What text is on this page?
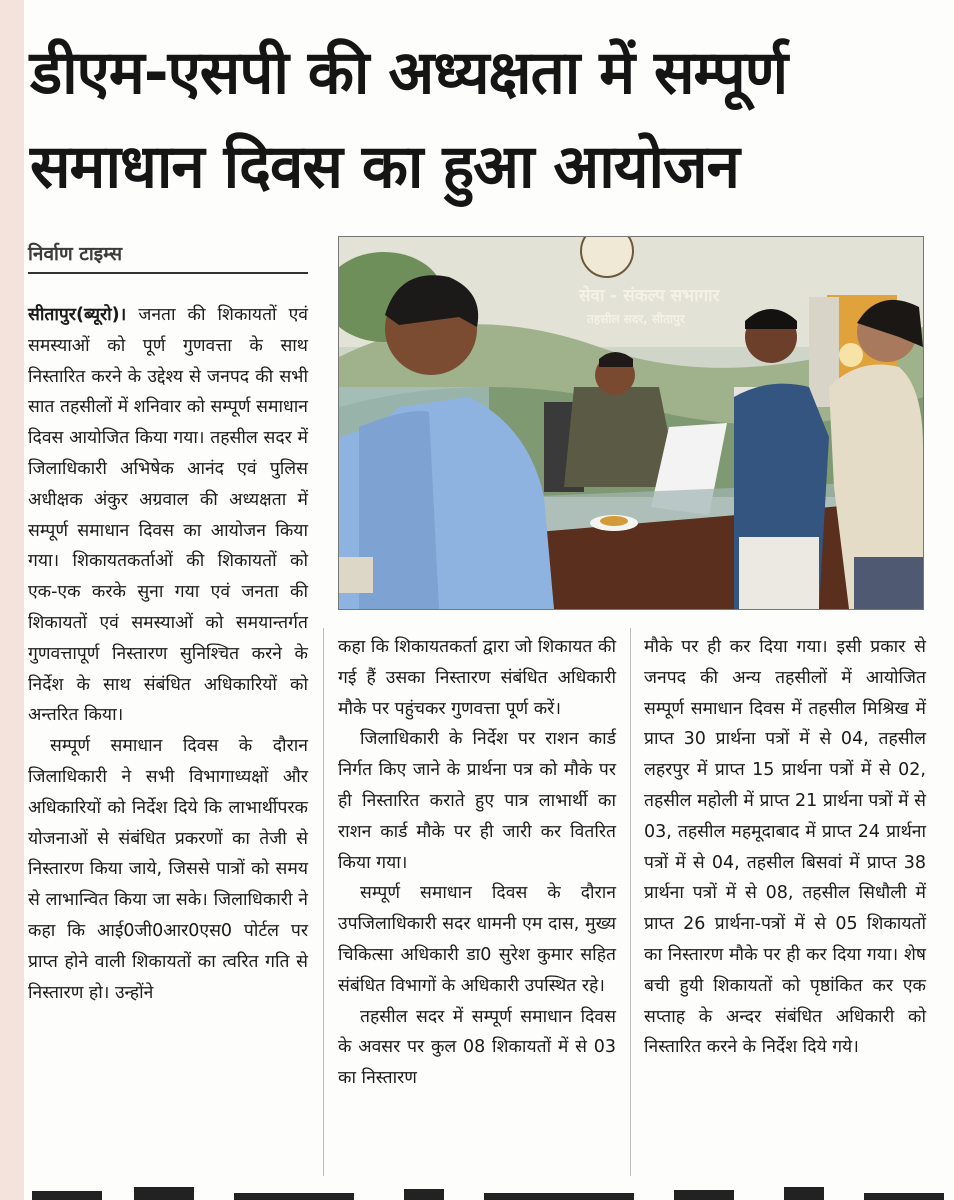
डीएम-एसपी की अध्यक्षता में सम्पूर्ण
समाधान दिवस का हुआ आयोजन
निर्वाण टाइम्स
सेवा - संकल्प सभागार
तहसील सदर, सीतापुर

सीतापुर(ब्यूरो)। जनता की शिकायतों एवं समस्याओं को पूर्ण गुणवत्ता के साथ निस्तारित करने के उद्देश्य से जनपद की सभी सात तहसीलों में शनिवार को सम्पूर्ण समाधान दिवस आयोजित किया गया। तहसील सदर में जिलाधिकारी अभिषेक आनंद एवं पुलिस अधीक्षक अंकुर अग्रवाल की अध्यक्षता में सम्पूर्ण समाधान दिवस का आयोजन किया गया। शिकायतकर्ताओं की शिकायतों को एक-एक करके सुना गया एवं जनता की शिकायतों एवं समस्याओं को समयान्तर्गत गुणवत्तापूर्ण निस्तारण सुनिश्चित करने के निर्देश के साथ संबंधित अधिकारियों को अन्तरित किया।

सम्पूर्ण समाधान दिवस के दौरान जिलाधिकारी ने सभी विभागाध्यक्षों और अधिकारियों को निर्देश दिये कि लाभार्थीपरक योजनाओं से संबंधित प्रकरणों का तेजी से निस्तारण किया जाये, जिससे पात्रों को समय से लाभान्वित किया जा सके। जिलाधिकारी ने कहा कि आई0जी0आर0एस0 पोर्टल पर प्राप्त होने वाली शिकायतों का त्वरित गति से निस्तारण हो। उन्होंने

कहा कि शिकायतकर्ता द्वारा जो शिकायत की गई हैं उसका निस्तारण संबंधित अधिकारी मौके पर पहुंचकर गुणवत्ता पूर्ण करें।

जिलाधिकारी के निर्देश पर राशन कार्ड निर्गत किए जाने के प्रार्थना पत्र को मौके पर ही निस्तारित कराते हुए पात्र लाभार्थी का राशन कार्ड मौके पर ही जारी कर वितरित किया गया।

सम्पूर्ण समाधान दिवस के दौरान उपजिलाधिकारी सदर धामनी एम दास, मुख्य चिकित्सा अधिकारी डा0 सुरेश कुमार सहित संबंधित विभागों के अधिकारी उपस्थित रहे।

तहसील सदर में सम्पूर्ण समाधान दिवस के अवसर पर कुल 08 शिकायतों में से 03 का निस्तारण

मौके पर ही कर दिया गया। इसी प्रकार से जनपद की अन्य तहसीलों में आयोजित सम्पूर्ण समाधान दिवस में तहसील मिश्रिख में प्राप्त 30 प्रार्थना पत्रों में से 04, तहसील लहरपुर में प्राप्त 15 प्रार्थना पत्रों में से 02, तहसील महोली में प्राप्त 21 प्रार्थना पत्रों में से 03, तहसील महमूदाबाद में प्राप्त 24 प्रार्थना पत्रों में से 04, तहसील बिसवां में प्राप्त 38 प्रार्थना पत्रों में से 08, तहसील सिधौली में प्राप्त 26 प्रार्थना-पत्रों में से 05 शिकायतों का निस्तारण मौके पर ही कर दिया गया। शेष बची हुयी शिकायतों को पृष्ठांकित कर एक सप्ताह के अन्दर संबंधित अधिकारी को निस्तारित करने के निर्देश दिये गये।
